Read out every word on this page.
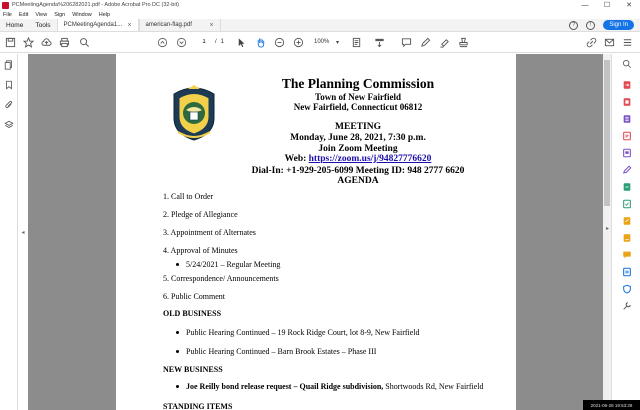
PCMeetingAgenda%206282021.pdf - Adobe Acrobat Pro DC (32-bit)	—	☐	✕
File Edit View Sign Window Help
Home	Tools	PCMeetingAgenda1... × american-flag.pdf	×	?	!	Sign In
1
/ 1	100%	▾
◂
The Planning Commission
Town of New Fairfield
New Fairfield, Connecticut 06812
MEETING
Monday, June 28, 2021, 7:30 p.m.
Join Zoom Meeting
Web: https://zoom.us/j/94827776620
Dial-In: +1-929-205-6099 Meeting ID: 948 2777 6620
AGENDA
1. Call to Order
2. Pledge of Allegiance
3. Appointment of Alternates
4. Approval of Minutes
5/24/2021 – Regular Meeting
5. Correspondence/ Announcements
6. Public Comment
OLD BUSINESS
Public Hearing Continued – 19 Rock Ridge Court, lot 8-9, New Fairfield
Public Hearing Continued – Barn Brook Estates – Phase III
NEW BUSINESS
Joe Reilly bond release request – Quail Ridge subdivision, Shortwoods Rd, New Fairfield
STANDING ITEMS
▸
2021-06-28 19:53:28
